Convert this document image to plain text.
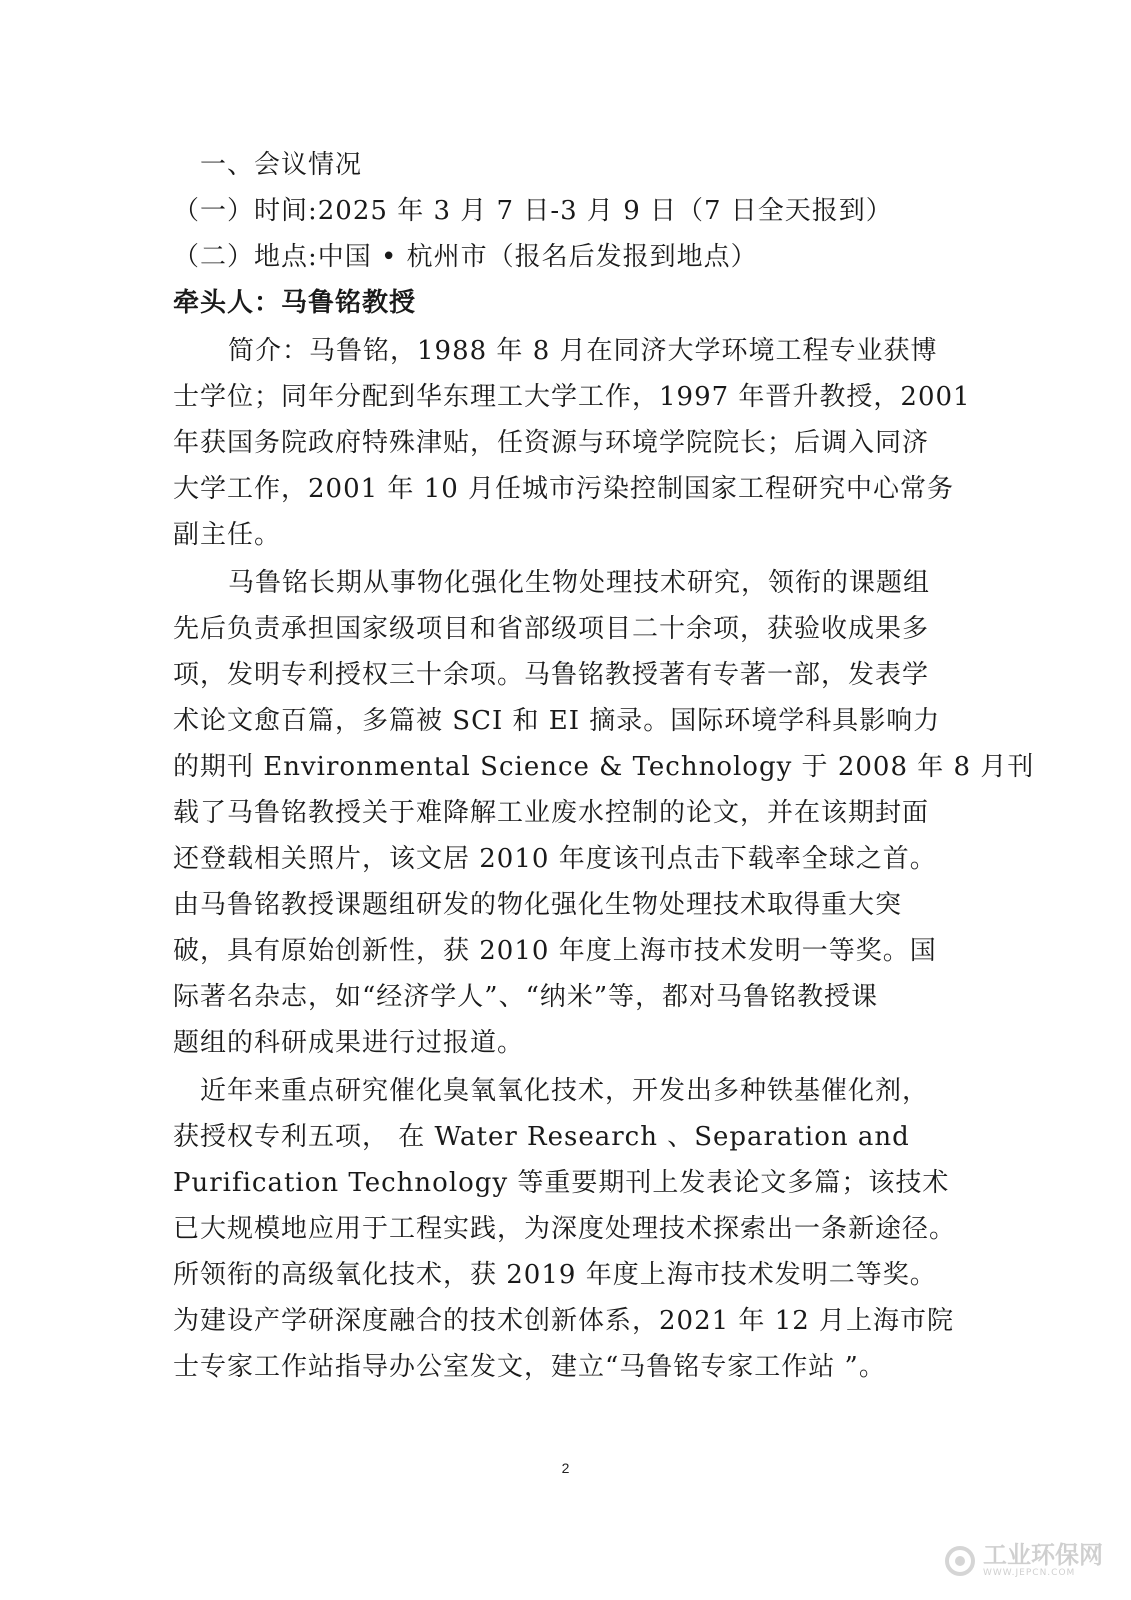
一、会议情况
（一）时间:2025 年 3 月 7 日-3 月 9 日（7 日全天报到）
（二）地点:中国 • 杭州市（报名后发报到地点）
牵头人：马鲁铭教授
简介：马鲁铭，1988 年 8 月在同济大学环境工程专业获博
士学位；同年分配到华东理工大学工作，1997 年晋升教授，2001
年获国务院政府特殊津贴，任资源与环境学院院长；后调入同济
大学工作，2001 年 10 月任城市污染控制国家工程研究中心常务
副主任。
马鲁铭长期从事物化强化生物处理技术研究，领衔的课题组
先后负责承担国家级项目和省部级项目二十余项，获验收成果多
项，发明专利授权三十余项。马鲁铭教授著有专著一部，发表学
术论文愈百篇，多篇被 SCI 和 EI 摘录。国际环境学科具影响力
的期刊 Environmental Science & Technology 于 2008 年 8 月刊
载了马鲁铭教授关于难降解工业废水控制的论文，并在该期封面
还登载相关照片，该文居 2010 年度该刊点击下载率全球之首。
由马鲁铭教授课题组研发的物化强化生物处理技术取得重大突
破，具有原始创新性，获 2010 年度上海市技术发明一等奖。国
际著名杂志，如“经济学人”、“纳米”等，都对马鲁铭教授课
题组的科研成果进行过报道。
近年来重点研究催化臭氧氧化技术，开发出多种铁基催化剂，
获授权专利五项， 在 Water Research 、Separation and
Purification Technology 等重要期刊上发表论文多篇；该技术
已大规模地应用于工程实践，为深度处理技术探索出一条新途径。
所领衔的高级氧化技术，获 2019 年度上海市技术发明二等奖。
为建设产学研深度融合的技术创新体系，2021 年 12 月上海市院
士专家工作站指导办公室发文，建立“马鲁铭专家工作站 ”。
2
工业环保网
WWW.JEPCN.COM
